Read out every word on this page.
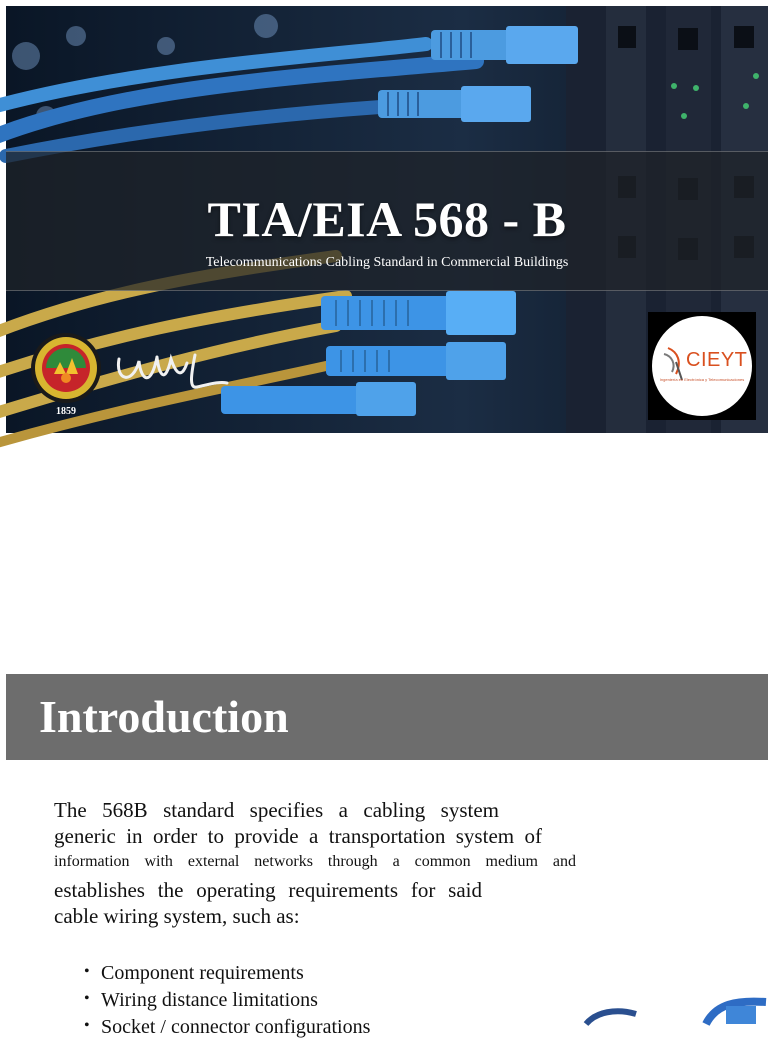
TIA/EIA 568 - B
Telecommunications Cabling Standard in Commercial Buildings
1859
CIEYT
Ingeniería en Electrónica y Telecomunicaciones
Introduction
The 568B standard specifies a cabling system
generic in order to provide a transportation system of
information with external networks through a common medium and
establishes the operating requirements for said
cable wiring system, such as:
• Component requirements
• Wiring distance limitations
• Socket / connector configurations
